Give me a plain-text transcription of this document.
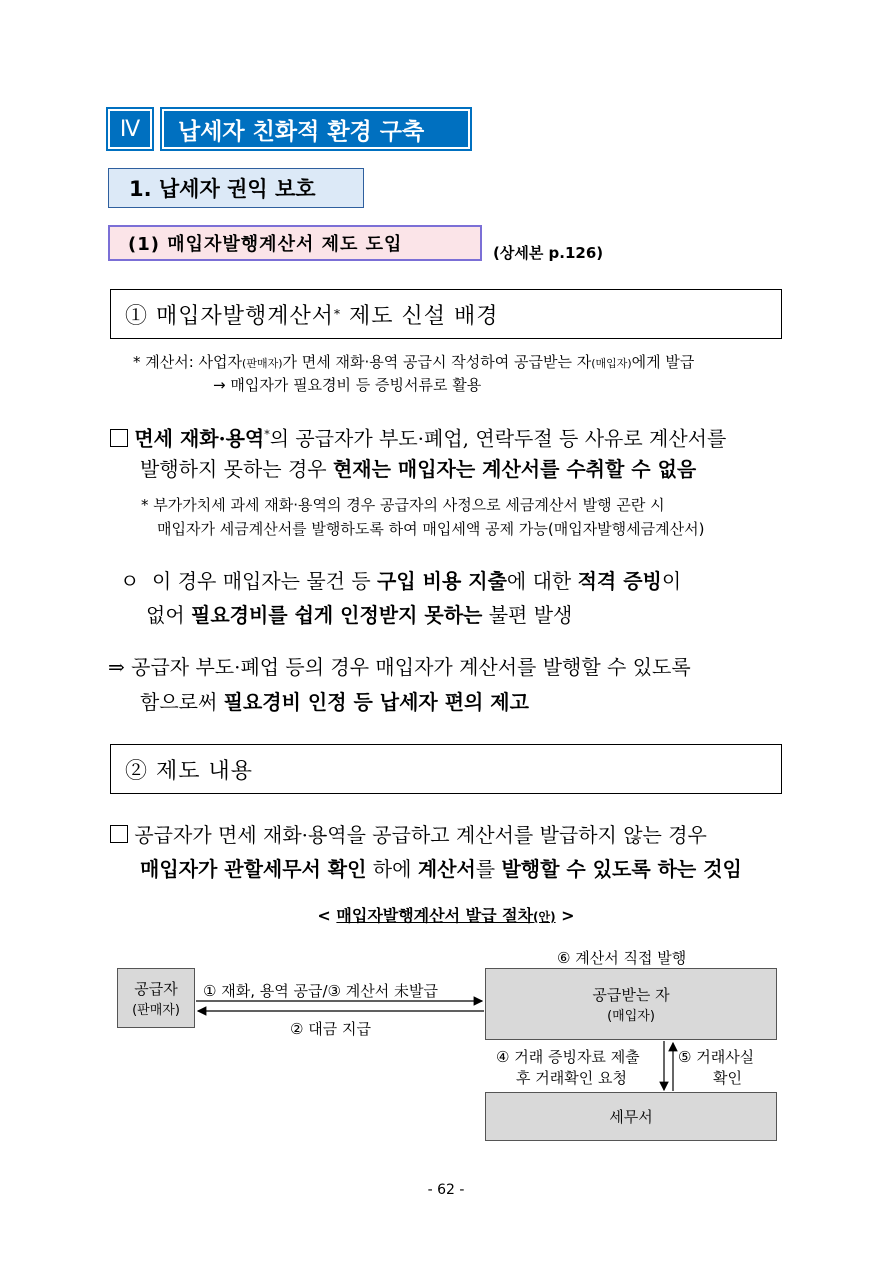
Ⅳ	납세자 친화적 환경 구축
1. 납세자 권익 보호
(1) 매입자발행계산서 제도 도입	(상세본 p.126)
① 매입자발행계산서 * 제도 신설 배경
* 계산서: 사업자(판매자)가 면세 재화·용역 공급시 작성하여 공급받는 자(매입자)에게 발급
→ 매입자가 필요경비 등 증빙서류로 활용
면세 재화·용역*의 공급자가 부도·폐업, 연락두절 등 사유로 계산서를
발행하지 못하는 경우 현재는 매입자는 계산서를 수취할 수 없음
* 부가가치세 과세 재화·용역의 경우 공급자의 사정으로 세금계산서 발행 곤란 시
매입자가 세금계산서를 발행하도록 하여 매입세액 공제 가능(매입자발행세금계산서)
ㅇ 이 경우 매입자는 물건 등 구입 비용 지출에 대한 적격 증빙이
없어 필요경비를 쉽게 인정받지 못하는 불편 발생
⇒ 공급자 부도·폐업 등의 경우 매입자가 계산서를 발행할 수 있도록
함으로써 필요경비 인정 등 납세자 편의 제고
② 제도 내용
공급자가 면세 재화·용역을 공급하고 계산서를 발급하지 않는 경우
매입자가 관할세무서 확인 하에 계산서를 발행할 수 있도록 하는 것임
< 매입자발행계산서 발급 절차(안) >
공급자
(판매자)
공급받는 자
(매입자)
세무서
⑥ 계산서 직접 발행
① 재화, 용역 공급/③ 계산서 未발급
② 대금 지급
④ 거래 증빙자료 제출
후 거래확인 요청
⑤ 거래사실
확인
- 62 -
